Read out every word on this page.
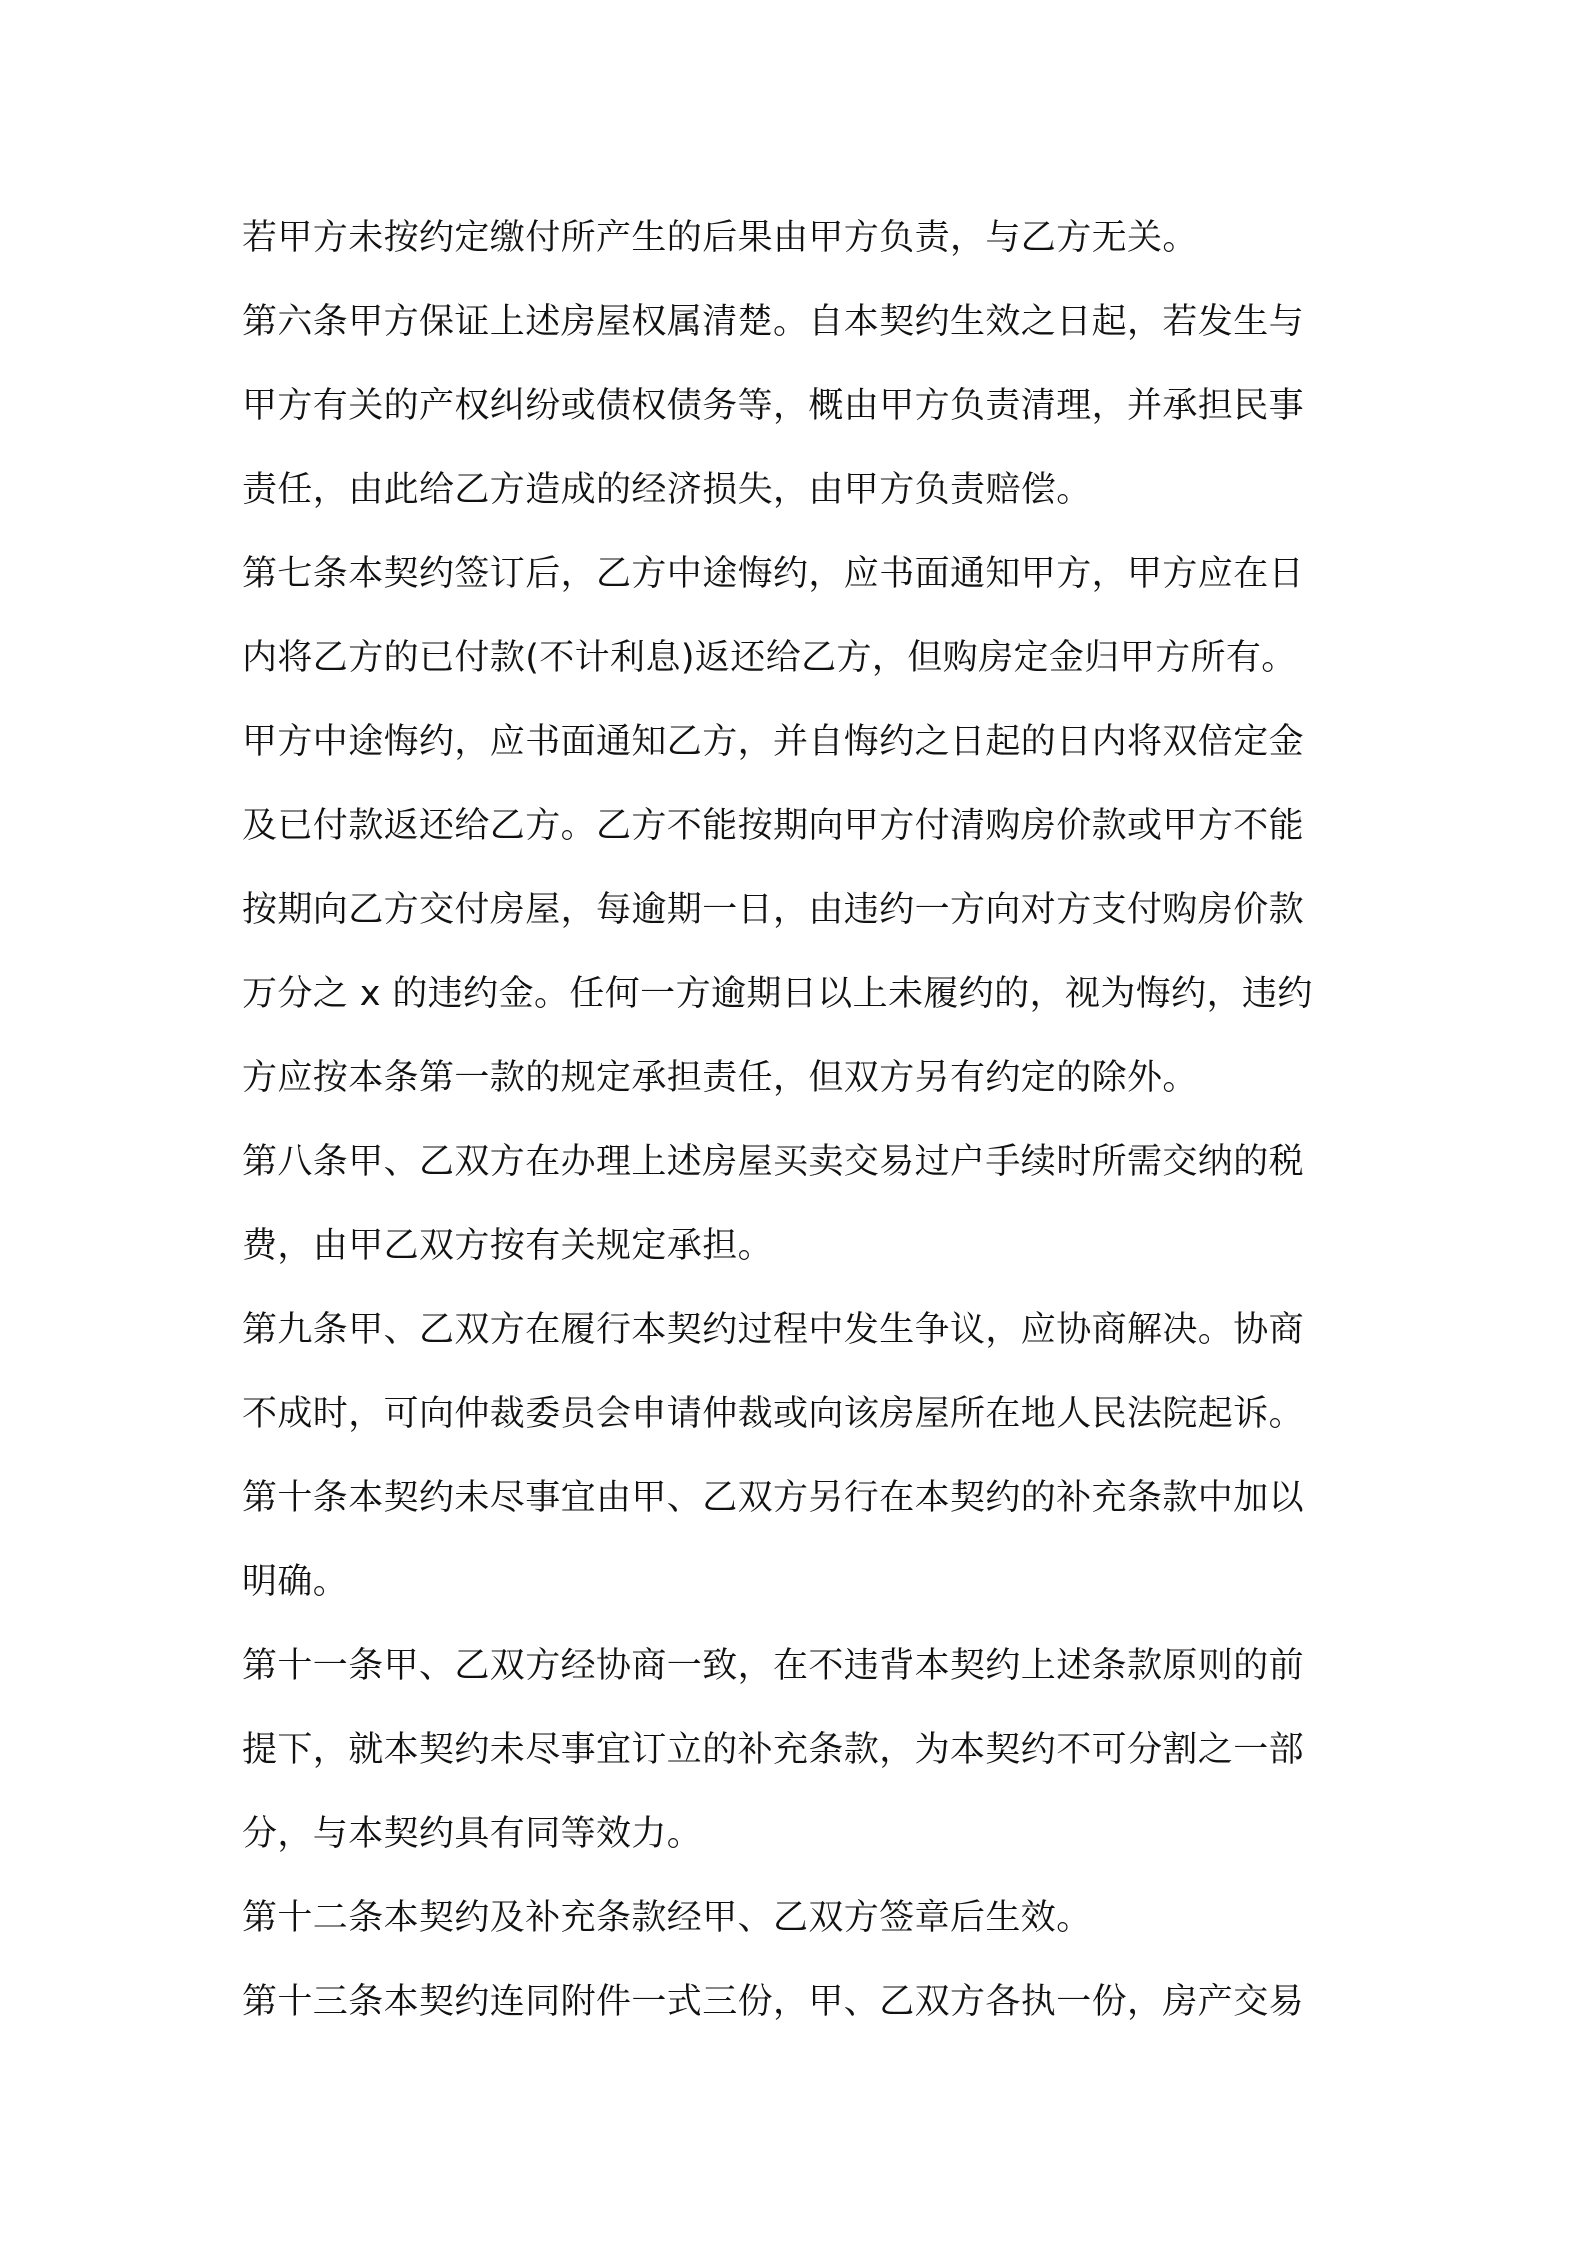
若甲方未按约定缴付所产生的后果由甲方负责，与乙方无关。
第六条甲方保证上述房屋权属清楚。自本契约生效之日起，若发生与
甲方有关的产权纠纷或债权债务等，概由甲方负责清理，并承担民事
责任，由此给乙方造成的经济损失，由甲方负责赔偿。
第七条本契约签订后，乙方中途悔约，应书面通知甲方，甲方应在日
内将乙方的已付款(不计利息)返还给乙方，但购房定金归甲方所有。
甲方中途悔约，应书面通知乙方，并自悔约之日起的日内将双倍定金
及已付款返还给乙方。乙方不能按期向甲方付清购房价款或甲方不能
按期向乙方交付房屋，每逾期一日，由违约一方向对方支付购房价款
万分之 x 的违约金。任何一方逾期日以上未履约的，视为悔约，违约
方应按本条第一款的规定承担责任，但双方另有约定的除外。
第八条甲、乙双方在办理上述房屋买卖交易过户手续时所需交纳的税
费，由甲乙双方按有关规定承担。
第九条甲、乙双方在履行本契约过程中发生争议，应协商解决。协商
不成时，可向仲裁委员会申请仲裁或向该房屋所在地人民法院起诉。
第十条本契约未尽事宜由甲、乙双方另行在本契约的补充条款中加以
明确。
第十一条甲、乙双方经协商一致，在不违背本契约上述条款原则的前
提下，就本契约未尽事宜订立的补充条款，为本契约不可分割之一部
分，与本契约具有同等效力。
第十二条本契约及补充条款经甲、乙双方签章后生效。
第十三条本契约连同附件一式三份，甲、乙双方各执一份，房产交易
